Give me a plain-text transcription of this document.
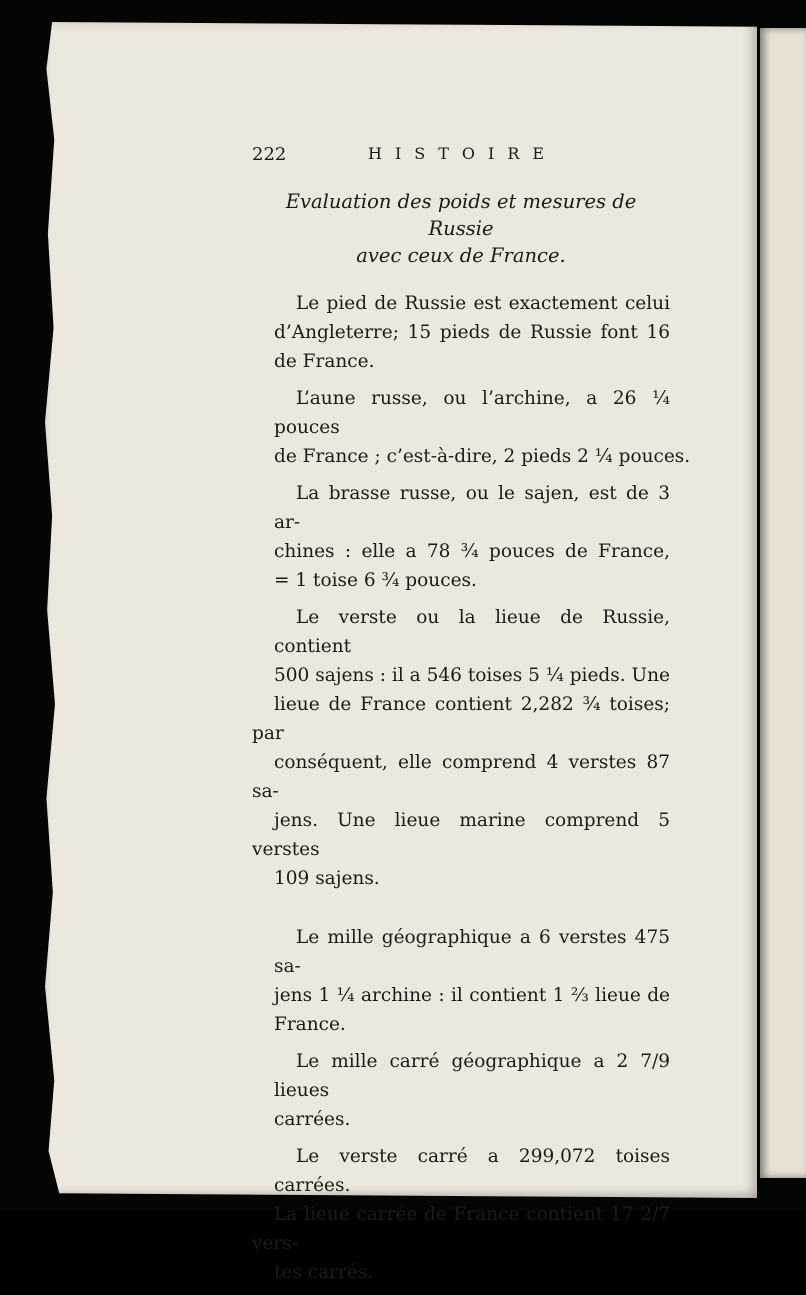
222	HISTOIRE
Evaluation des poids et mesures de Russie
avec ceux de France.
Le pied de Russie est exactement celui
d’Angleterre; 15 pieds de Russie font 16
de France.
L’aune russe, ou l’archine, a 26 ¼ pouces
de France ; c’est-à-dire, 2 pieds 2 ¼ pouces.
La brasse russe, ou le sajen, est de 3 ar-
chines : elle a 78 ¾ pouces de France,
= 1 toise 6 ¾ pouces.
Le verste ou la lieue de Russie, contient
500 sajens : il a 546 toises 5 ¼ pieds. Une
lieue de France contient 2,282 ¾ toises; par
conséquent, elle comprend 4 verstes 87 sa-
jens. Une lieue marine comprend 5 verstes
109 sajens.
Le mille géographique a 6 verstes 475 sa-
jens 1 ¼ archine : il contient 1 ⅔ lieue de
France.
Le mille carré géographique a 2 7/9 lieues
carrées.
Le verste carré a 299,072 toises carrées.
La lieue carrée de France contient 17 2/7 vers-
tes carrés.
